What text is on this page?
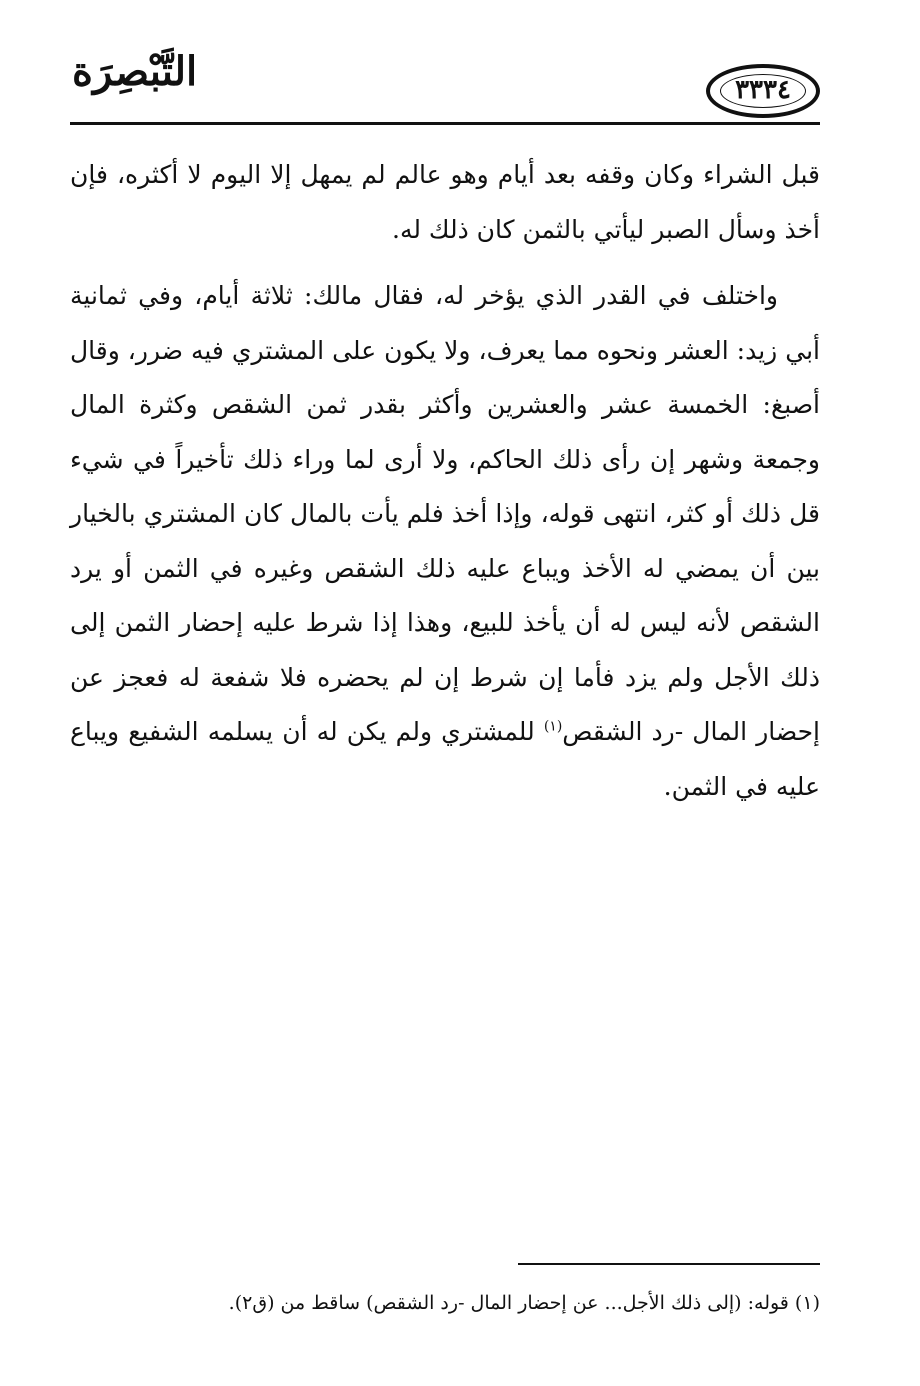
التَّبْصِرَة	٣٣٣٤

قبل الشراء وكان وقفه بعد أيام وهو عالم لم يمهل إلا اليوم لا أكثره، فإن أخذ وسأل الصبر ليأتي بالثمن كان ذلك له.

واختلف في القدر الذي يؤخر له، فقال مالك: ثلاثة أيام، وفي ثمانية أبي زيد: العشر ونحوه مما يعرف، ولا يكون على المشتري فيه ضرر، وقال أصبغ: الخمسة عشر والعشرين وأكثر بقدر ثمن الشقص وكثرة المال وجمعة وشهر إن رأى ذلك الحاكم، ولا أرى لما وراء ذلك تأخيراً في شيء قل ذلك أو كثر، انتهى قوله، وإذا أخذ فلم يأت بالمال كان المشتري بالخيار بين أن يمضي له الأخذ ويباع عليه ذلك الشقص وغيره في الثمن أو يرد الشقص لأنه ليس له أن يأخذ للبيع، وهذا إذا شرط عليه إحضار الثمن إلى ذلك الأجل ولم يزد فأما إن شرط إن لم يحضره فلا شفعة له فعجز عن إحضار المال -رد الشقص$^{(١)}$ للمشتري ولم يكن له أن يسلمه الشفيع ويباع عليه في الثمن.

(١) قوله: (إلى ذلك الأجل... عن إحضار المال -رد الشقص) ساقط من (ق٢).
